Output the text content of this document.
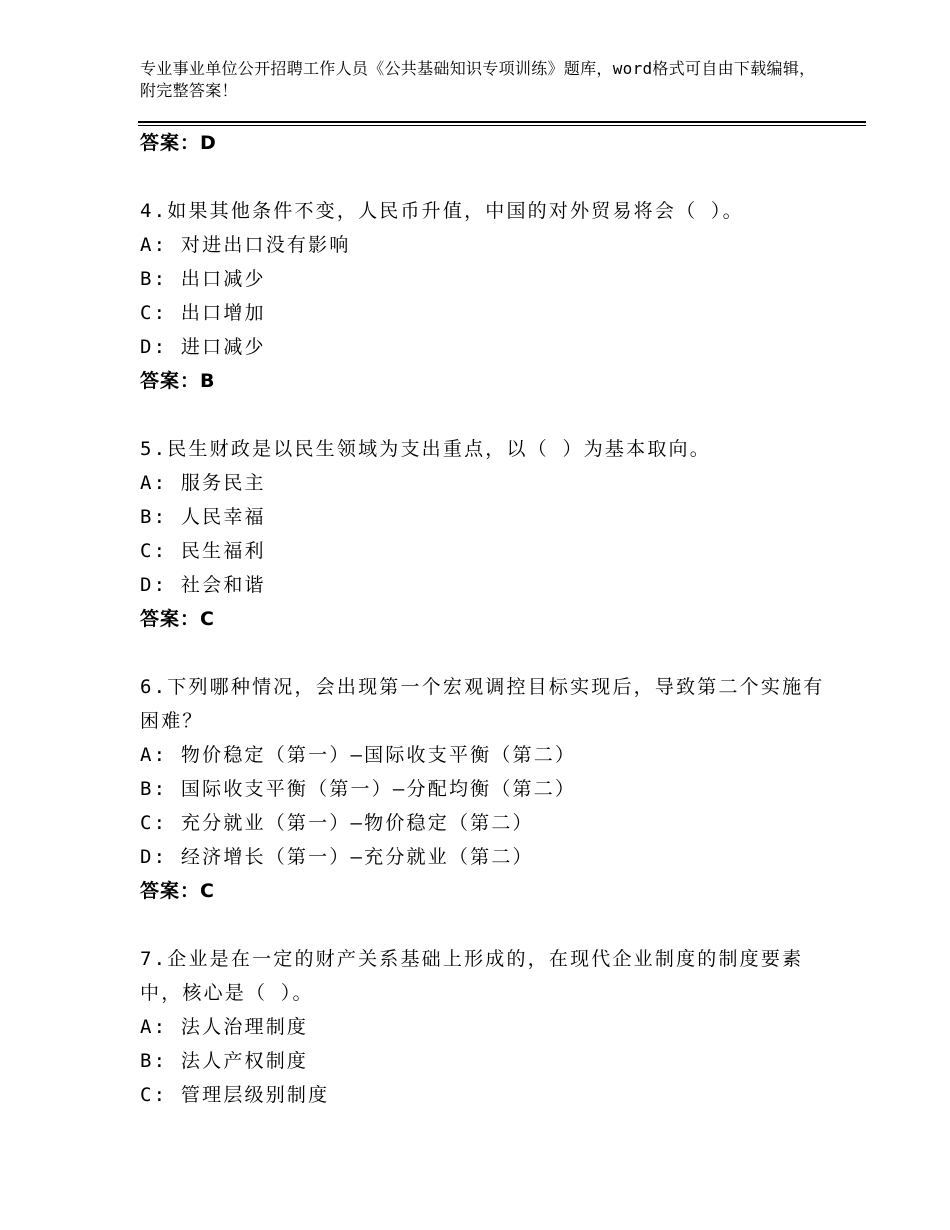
专业事业单位公开招聘工作人员《公共基础知识专项训练》题库，word格式可自由下载编辑，附完整答案！
答案：D
4.如果其他条件不变，人民币升值，中国的对外贸易将会（ ）。
A: 对进出口没有影响
B: 出口减少
C: 出口增加
D: 进口减少
答案：B
5.民生财政是以民生领域为支出重点，以（ ）为基本取向。
A: 服务民主
B: 人民幸福
C: 民生福利
D: 社会和谐
答案：C
6.下列哪种情况，会出现第一个宏观调控目标实现后，导致第二个实施有困难？
A: 物价稳定（第一）—国际收支平衡（第二）
B: 国际收支平衡（第一）—分配均衡（第二）
C: 充分就业（第一）—物价稳定（第二）
D: 经济增长（第一）—充分就业（第二）
答案：C
7.企业是在一定的财产关系基础上形成的，在现代企业制度的制度要素中，核心是（ ）。
A: 法人治理制度
B: 法人产权制度
C: 管理层级别制度
